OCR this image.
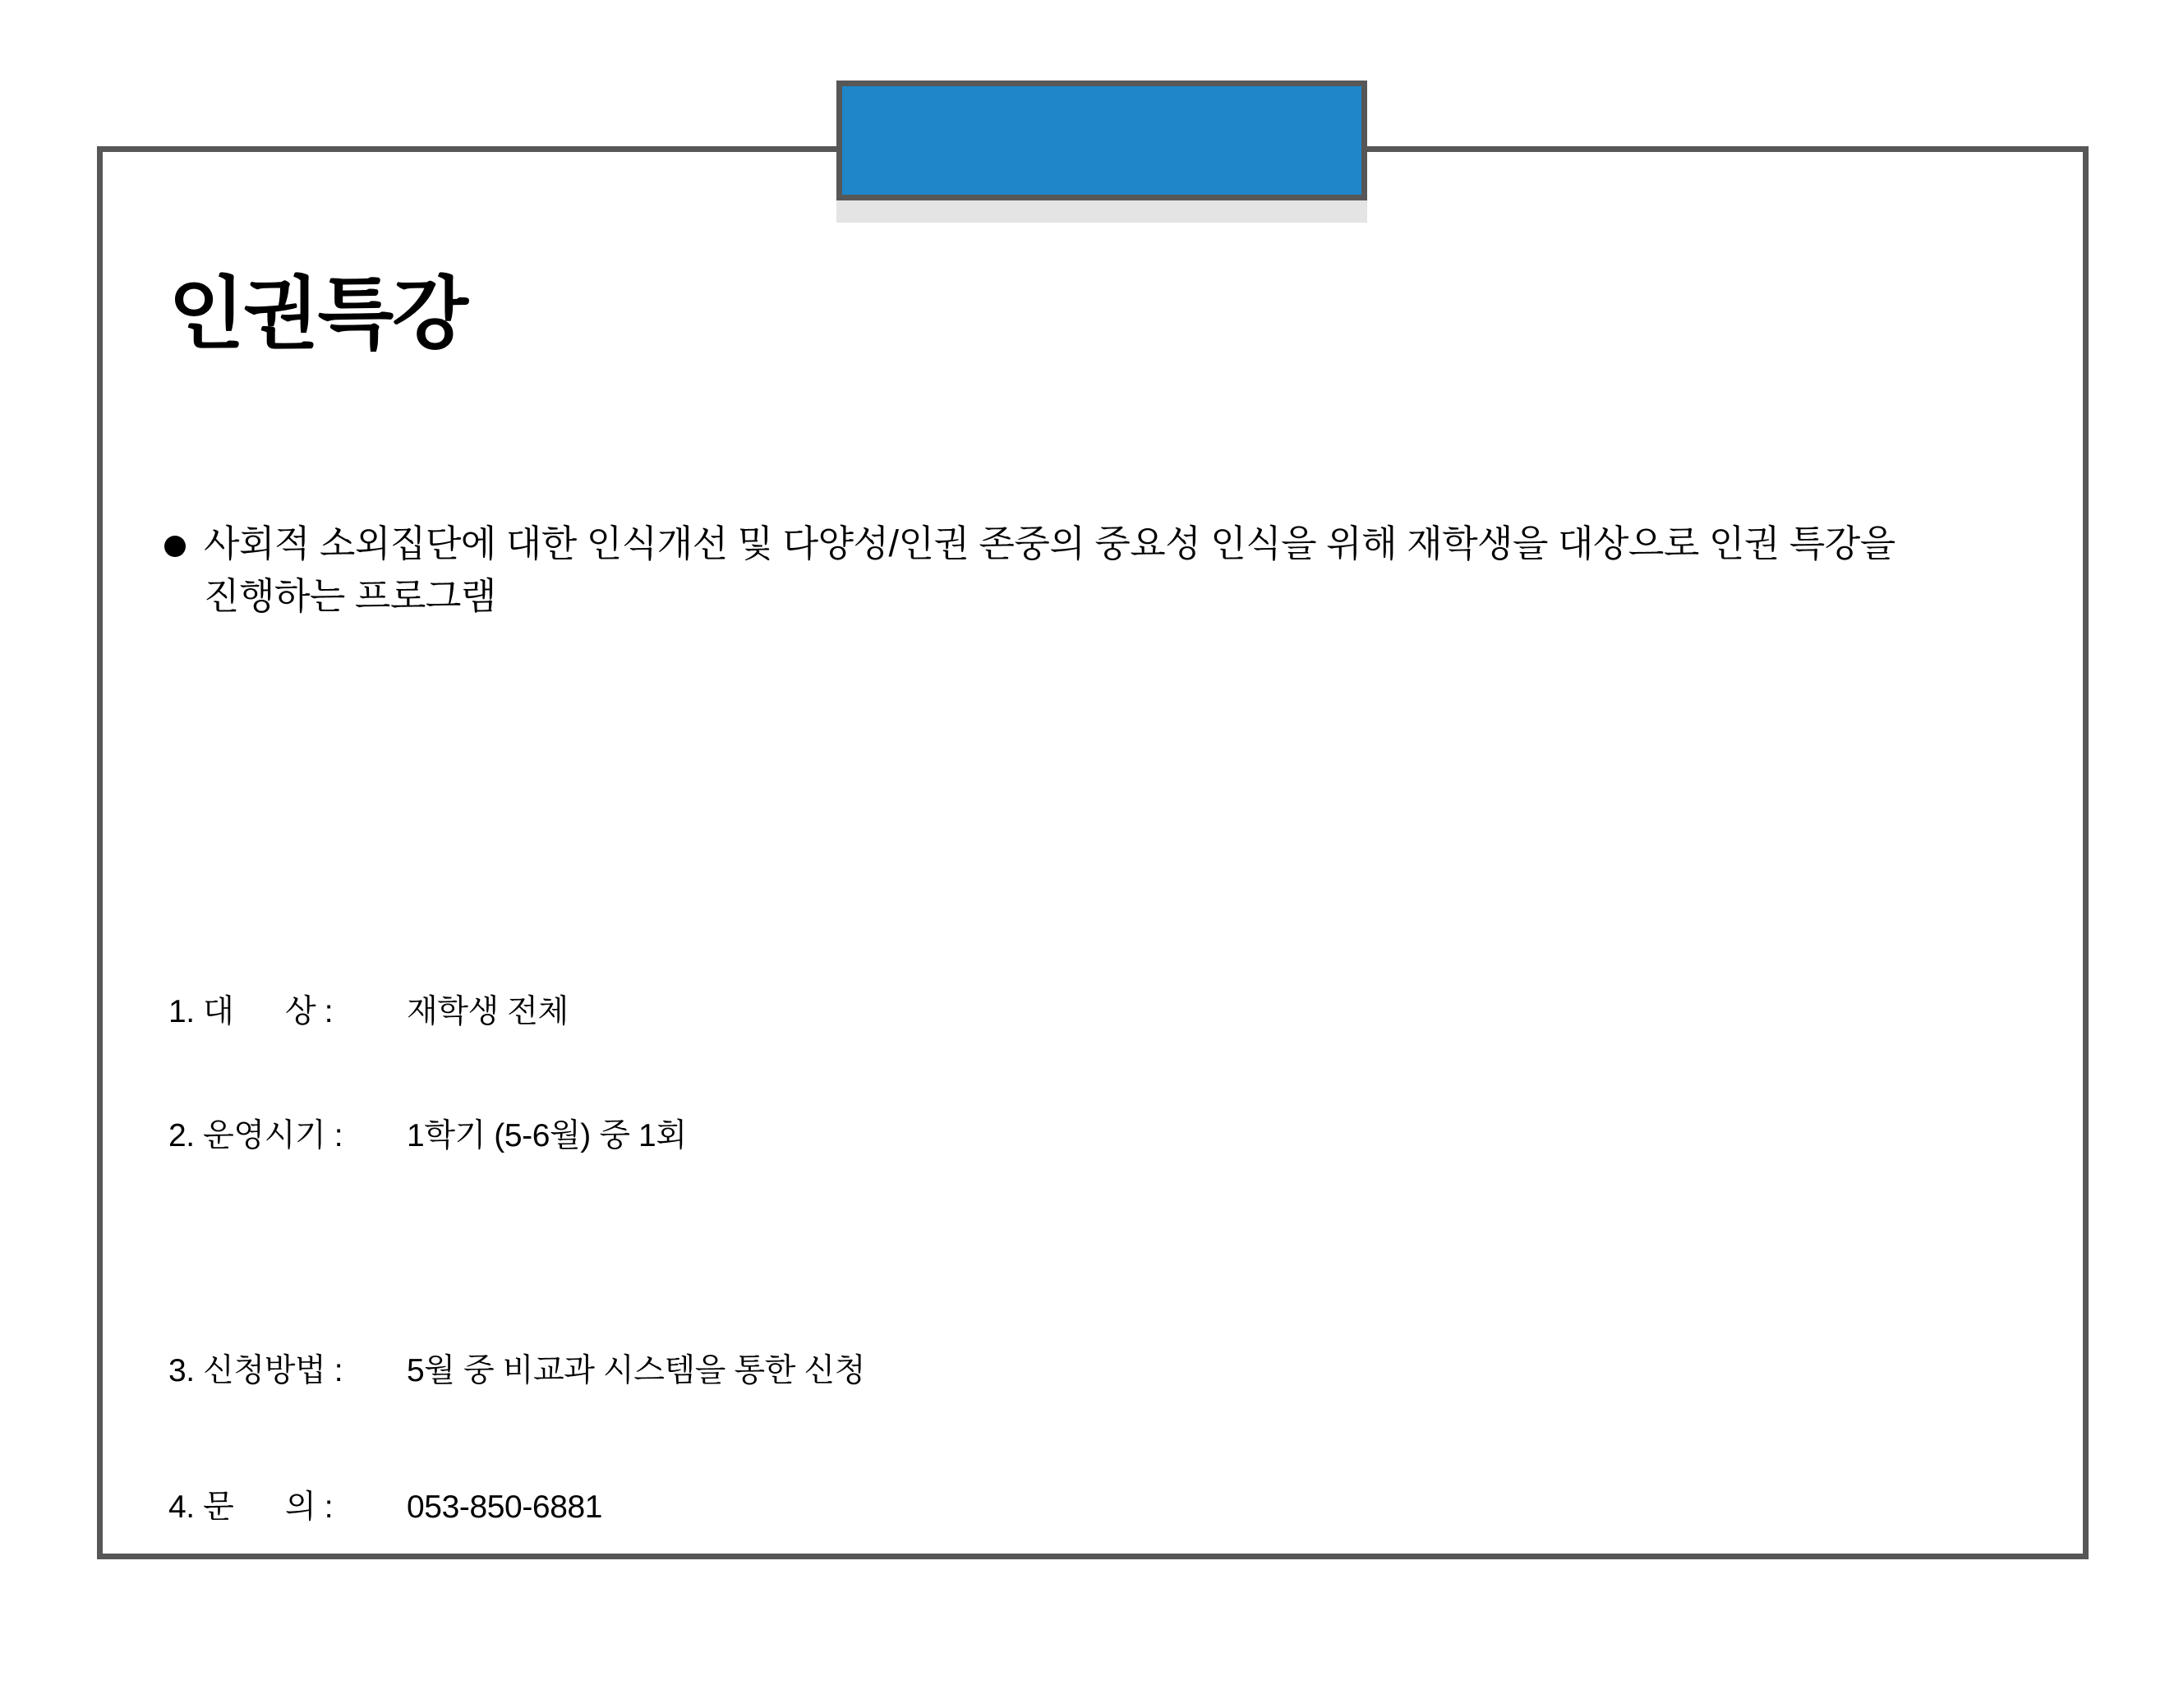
인권특강
사회적 소외집단에 대한 인식개선 및 다양성/인권 존중의 중요성 인식을 위해 재학생을 대상으로 인권 특강을 진행하는 프로그램
1. 대      상 :	재학생 전체
2. 운영시기 :	1학기 (5-6월) 중 1회
3. 신청방법 :	5월 중 비교과 시스템을 통한 신청
4. 문      의 :	053-850-6881
